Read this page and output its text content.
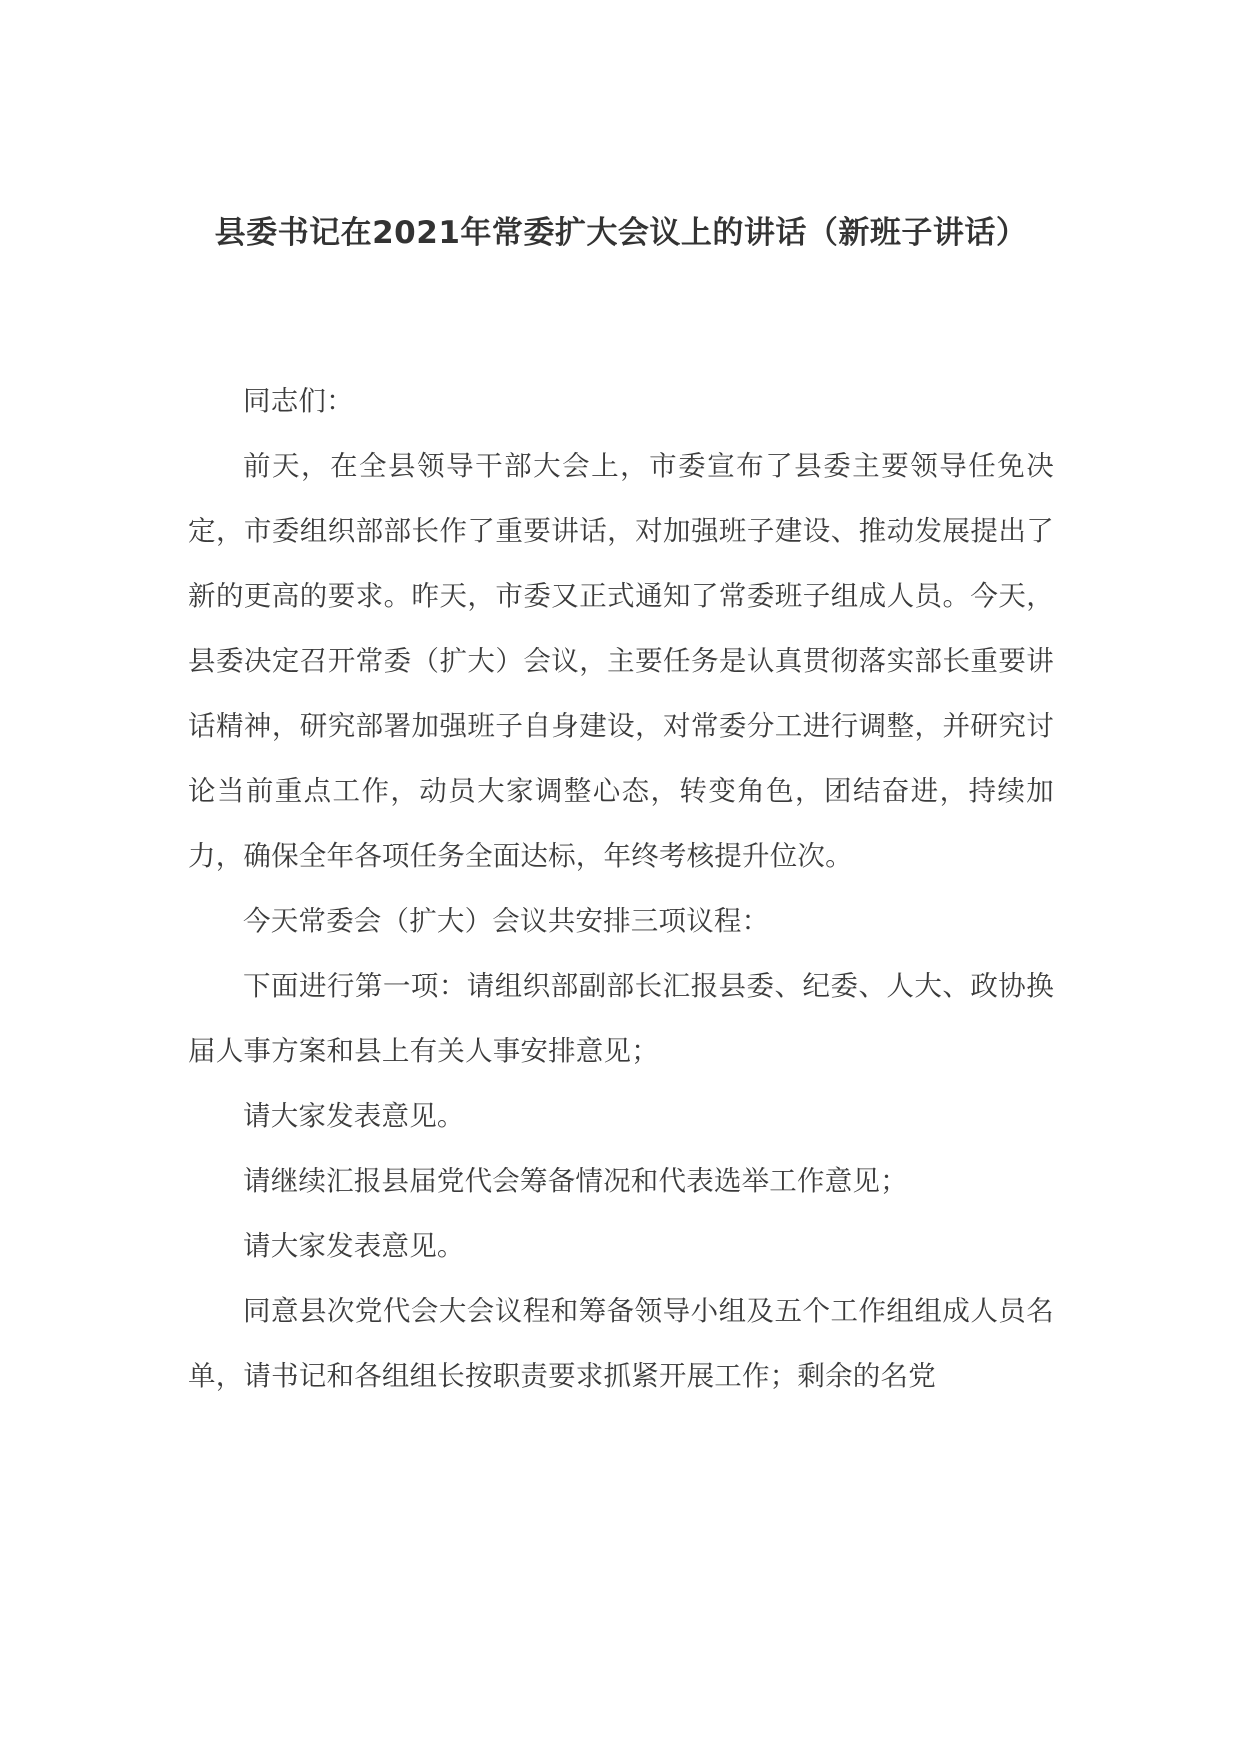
县委书记在2021年常委扩大会议上的讲话（新班子讲话）

同志们：

前天，在全县领导干部大会上，市委宣布了县委主要领导任免决定，市委组织部部长作了重要讲话，对加强班子建设、推动发展提出了新的更高的要求。昨天，市委又正式通知了常委班子组成人员。今天，县委决定召开常委（扩大）会议，主要任务是认真贯彻落实部长重要讲话精神，研究部署加强班子自身建设，对常委分工进行调整，并研究讨论当前重点工作，动员大家调整心态，转变角色，团结奋进，持续加力，确保全年各项任务全面达标，年终考核提升位次。

今天常委会（扩大）会议共安排三项议程：

下面进行第一项：请组织部副部长汇报县委、纪委、人大、政协换届人事方案和县上有关人事安排意见；

请大家发表意见。

请继续汇报县届党代会筹备情况和代表选举工作意见；

请大家发表意见。

同意县次党代会大会议程和筹备领导小组及五个工作组组成人员名单，请书记和各组组长按职责要求抓紧开展工作；剩余的名党
